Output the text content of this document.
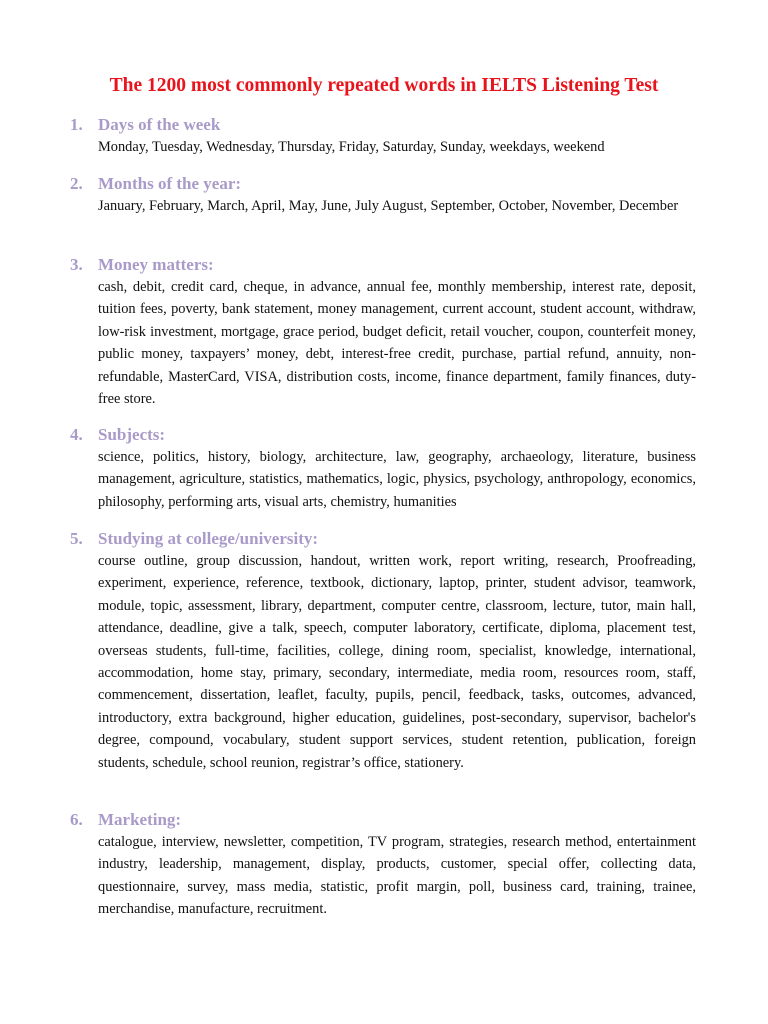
The 1200 most commonly repeated words in IELTS Listening Test
1. Days of the week
Monday, Tuesday, Wednesday, Thursday, Friday, Saturday, Sunday, weekdays, weekend
2. Months of the year:
January, February, March, April, May, June, July August, September, October, November, December
3. Money matters:
cash, debit, credit card, cheque, in advance, annual fee, monthly membership, interest rate, deposit, tuition fees, poverty, bank statement, money management, current account, student account, withdraw, low-risk investment, mortgage, grace period, budget deficit, retail voucher, coupon, counterfeit money, public money, taxpayers’ money, debt, interest-free credit, purchase, partial refund, annuity, non-refundable, MasterCard, VISA, distribution costs, income, finance department, family finances, duty-free store.
4. Subjects:
science, politics, history, biology, architecture, law, geography, archaeology, literature, business management, agriculture, statistics, mathematics, logic, physics, psychology, anthropology, economics, philosophy, performing arts, visual arts, chemistry, humanities
5. Studying at college/university:
course outline, group discussion, handout, written work, report writing, research, Proofreading, experiment, experience, reference, textbook, dictionary, laptop, printer, student advisor, teamwork, module, topic, assessment, library, department, computer centre, classroom, lecture, tutor, main hall, attendance, deadline, give a talk, speech, computer laboratory, certificate, diploma, placement test, overseas students, full-time, facilities, college, dining room, specialist, knowledge, international, accommodation, home stay, primary, secondary, intermediate, media room, resources room, staff, commencement, dissertation, leaflet, faculty, pupils, pencil, feedback, tasks, outcomes, advanced, introductory, extra background, higher education, guidelines, post-secondary, supervisor, bachelor's degree, compound, vocabulary, student support services, student retention, publication, foreign students, schedule, school reunion, registrar’s office, stationery.
6. Marketing:
catalogue, interview, newsletter, competition, TV program, strategies, research method, entertainment industry, leadership, management, display, products, customer, special offer, collecting data, questionnaire, survey, mass media, statistic, profit margin, poll, business card, training, trainee, merchandise, manufacture, recruitment.
